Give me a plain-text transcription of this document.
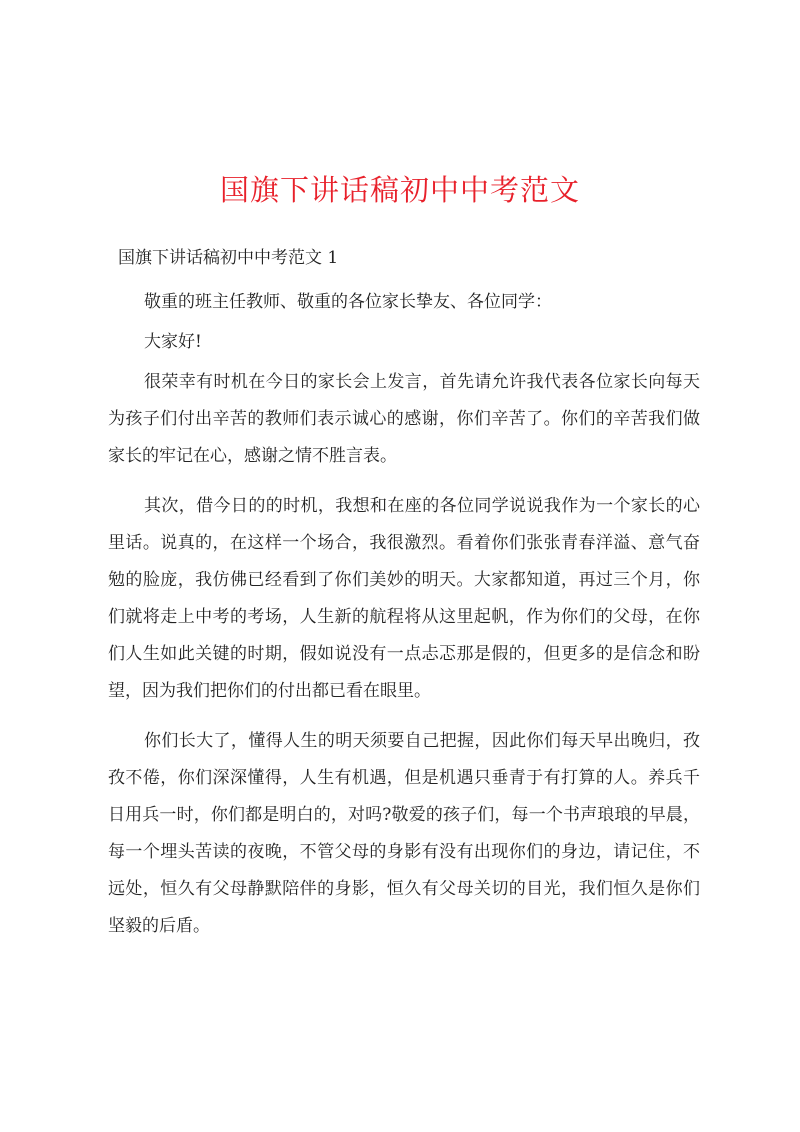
国旗下讲话稿初中中考范文

国旗下讲话稿初中中考范文 1

敬重的班主任教师、敬重的各位家长挚友、各位同学：

大家好!

很荣幸有时机在今日的家长会上发言，首先请允许我代表各位家长向每天为孩子们付出辛苦的教师们表示诚心的感谢，你们辛苦了。你们的辛苦我们做家长的牢记在心，感谢之情不胜言表。

其次，借今日的的时机，我想和在座的各位同学说说我作为一个家长的心里话。说真的，在这样一个场合，我很激烈。看着你们张张青春洋溢、意气奋勉的脸庞，我仿佛已经看到了你们美妙的明天。大家都知道，再过三个月，你们就将走上中考的考场，人生新的航程将从这里起帆，作为你们的父母，在你们人生如此关键的时期，假如说没有一点忐忑那是假的，但更多的是信念和盼望，因为我们把你们的付出都已看在眼里。

你们长大了，懂得人生的明天须要自己把握，因此你们每天早出晚归，孜孜不倦，你们深深懂得，人生有机遇，但是机遇只垂青于有打算的人。养兵千日用兵一时，你们都是明白的，对吗?敬爱的孩子们，每一个书声琅琅的早晨，每一个埋头苦读的夜晚，不管父母的身影有没有出现你们的身边，请记住，不远处，恒久有父母静默陪伴的身影，恒久有父母关切的目光，我们恒久是你们坚毅的后盾。
